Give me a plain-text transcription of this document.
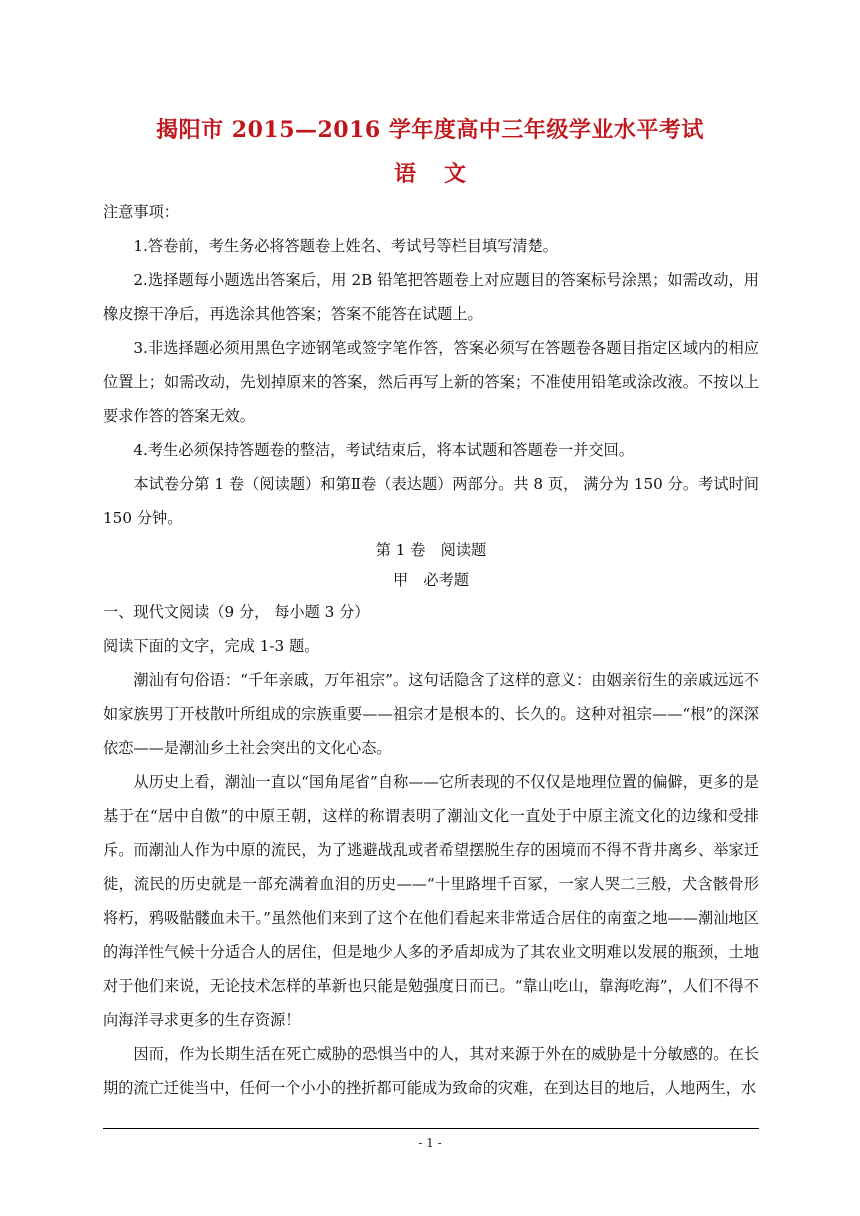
揭阳市 2015—2016 学年度高中三年级学业水平考试
语文

注意事项：

1.答卷前，考生务必将答题卷上姓名、考试号等栏目填写清楚。

2.选择题每小题选出答案后，用 2B 铅笔把答题卷上对应题目的答案标号涂黑；如需改动，用橡皮擦干净后，再选涂其他答案；答案不能答在试题上。

3.非选择题必须用黑色字迹钢笔或签字笔作答，答案必须写在答题卷各题目指定区域内的相应位置上；如需改动，先划掉原来的答案，然后再写上新的答案；不准使用铅笔或涂改液。不按以上要求作答的答案无效。

4.考生必须保持答题卷的整洁，考试结束后，将本试题和答题卷一并交回。

本试卷分第 1 卷（阅读题）和第Ⅱ卷（表达题）两部分。共 8 页， 满分为 150 分。考试时间 150 分钟。

第 1 卷　阅读题

甲　必考题

一、现代文阅读（9 分， 每小题 3 分）

阅读下面的文字，完成 1-3 题。

潮汕有句俗语：“千年亲戚，万年祖宗”。这句话隐含了这样的意义：由姻亲衍生的亲戚远远不如家族男丁开枝散叶所组成的宗族重要——祖宗才是根本的、长久的。这种对祖宗——“根”的深深依恋——是潮汕乡土社会突出的文化心态。

从历史上看，潮汕一直以“国角尾省”自称——它所表现的不仅仅是地理位置的偏僻，更多的是基于在“居中自傲”的中原王朝，这样的称谓表明了潮汕文化一直处于中原主流文化的边缘和受排斥。而潮汕人作为中原的流民，为了逃避战乱或者希望摆脱生存的困境而不得不背井离乡、举家迁徙，流民的历史就是一部充满着血泪的历史——“十里路埋千百冢，一家人哭二三般，犬含骸骨形将朽，鸦吸骷髅血未干。”虽然他们来到了这个在他们看起来非常适合居住的南蛮之地——潮汕地区的海洋性气候十分适合人的居住，但是地少人多的矛盾却成为了其农业文明难以发展的瓶颈，土地对于他们来说，无论技术怎样的革新也只能是勉强度日而已。“靠山吃山，靠海吃海”，人们不得不向海洋寻求更多的生存资源！

因而，作为长期生活在死亡威胁的恐惧当中的人，其对来源于外在的威胁是十分敏感的。在长期的流亡迁徙当中，任何一个小小的挫折都可能成为致命的灾难，在到达目的地后，人地两生，水

- 1 -
